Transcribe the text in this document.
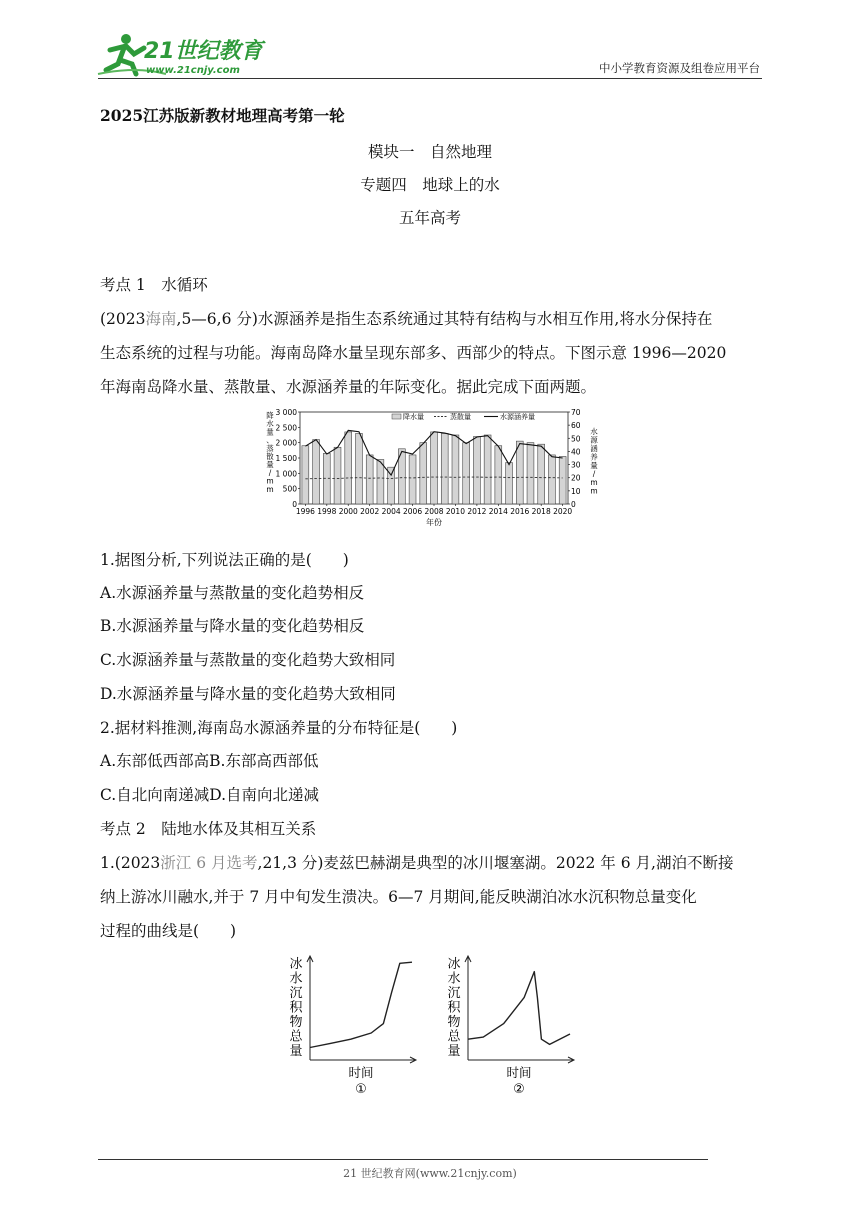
21世纪教育
www.21cnjy.com	中小学教育资源及组卷应用平台
2025江苏版新教材地理高考第一轮
模块一　自然地理
专题四　地球上的水
五年高考
考点 1　水循环
(2023海南,5—6,6 分)水源涵养是指生态系统通过其特有结构与水相互作用,将水分保持在
生态系统的过程与功能。海南岛降水量呈现东部多、西部少的特点。下图示意 1996—2020
年海南岛降水量、蒸散量、水源涵养量的年际变化。据此完成下面两题。
0
500
1 000
1 500
2 000
2 500
3 000
0
10
20
30
40
50
60
70
1996 1998 2000 2002 2004 2006 2008 2010 2012 2014 2016 2018 2020
年份
降
水
量
、
蒸
散
量
/
m
m
水
源
涵
养
量
/
m
m
降水量	蒸散量	水源涵养量
1.据图分析,下列说法正确的是(　　)
A.水源涵养量与蒸散量的变化趋势相反
B.水源涵养量与降水量的变化趋势相反
C.水源涵养量与蒸散量的变化趋势大致相同
D.水源涵养量与降水量的变化趋势大致相同
2.据材料推测,海南岛水源涵养量的分布特征是(　　)
A.东部低西部高B.东部高西部低
C.自北向南递减D.自南向北递减
考点 2　陆地水体及其相互关系
1.(2023浙江 6 月选考,21,3 分)麦兹巴赫湖是典型的冰川堰塞湖。2022 年 6 月,湖泊不断接
纳上游冰川融水,并于 7 月中旬发生溃决。6—7 月期间,能反映湖泊冰水沉积物总量变化
过程的曲线是(　　)
冰
水
沉
积
物
总
量
时间
①
冰
水
沉
积
物
总
量
时间
②
21 世纪教育网(www.21cnjy.com)
